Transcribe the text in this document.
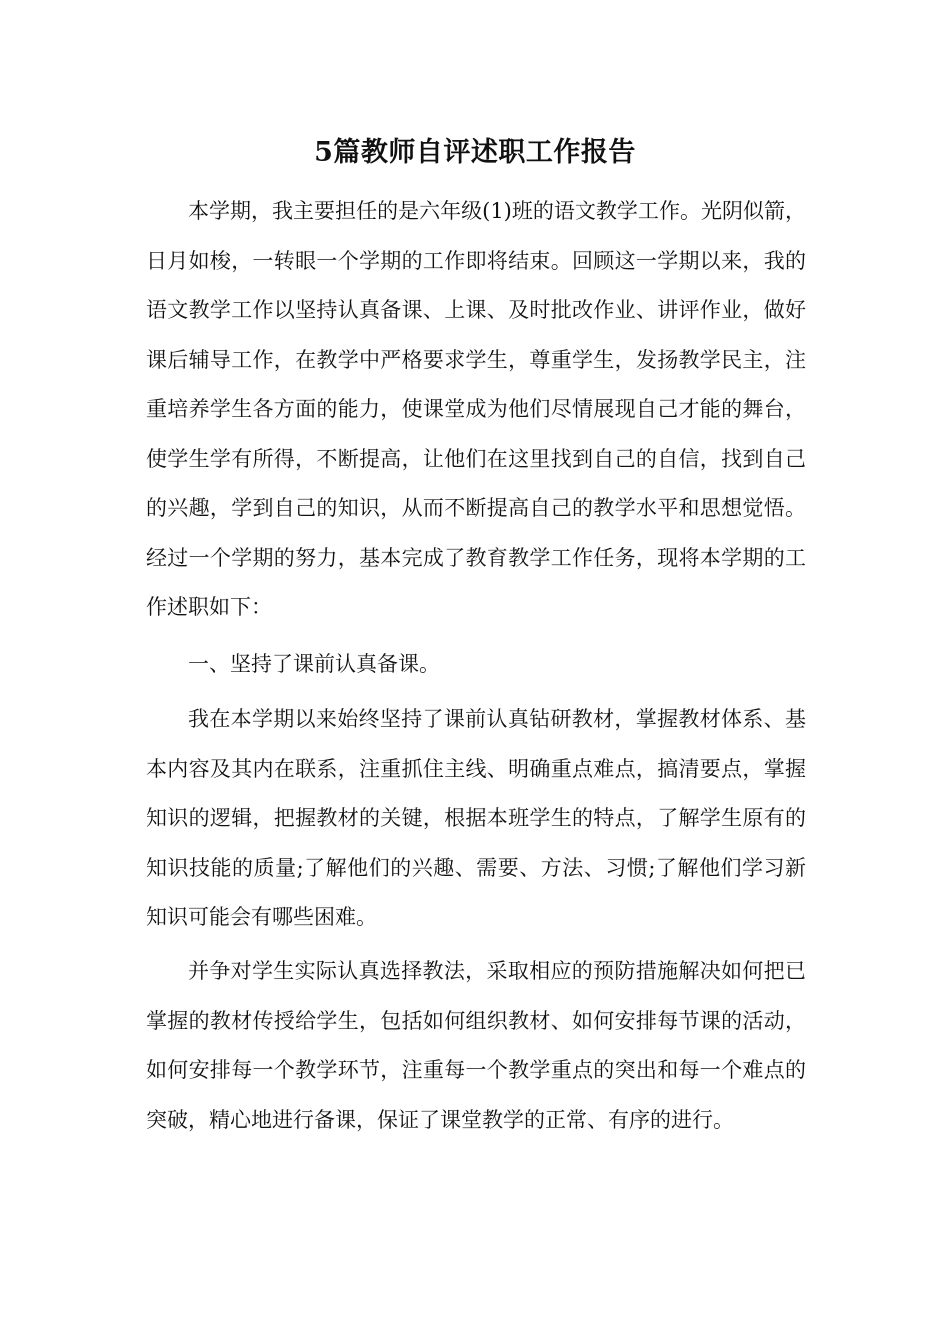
5篇教师自评述职工作报告

本学期，我主要担任的是六年级(1)班的语文教学工作。光阴似箭，日月如梭，一转眼一个学期的工作即将结束。回顾这一学期以来，我的语文教学工作以坚持认真备课、上课、及时批改作业、讲评作业，做好课后辅导工作，在教学中严格要求学生，尊重学生，发扬教学民主，注重培养学生各方面的能力，使课堂成为他们尽情展现自己才能的舞台，使学生学有所得，不断提高，让他们在这里找到自己的自信，找到自己的兴趣，学到自己的知识，从而不断提高自己的教学水平和思想觉悟。经过一个学期的努力，基本完成了教育教学工作任务，现将本学期的工作述职如下：

一、坚持了课前认真备课。

我在本学期以来始终坚持了课前认真钻研教材，掌握教材体系、基本内容及其内在联系，注重抓住主线、明确重点难点，搞清要点，掌握知识的逻辑，把握教材的关键，根据本班学生的特点，了解学生原有的知识技能的质量;了解他们的兴趣、需要、方法、习惯;了解他们学习新知识可能会有哪些困难。

并争对学生实际认真选择教法，采取相应的预防措施解决如何把已掌握的教材传授给学生，包括如何组织教材、如何安排每节课的活动，如何安排每一个教学环节，注重每一个教学重点的突出和每一个难点的突破，精心地进行备课，保证了课堂教学的正常、有序的进行。
